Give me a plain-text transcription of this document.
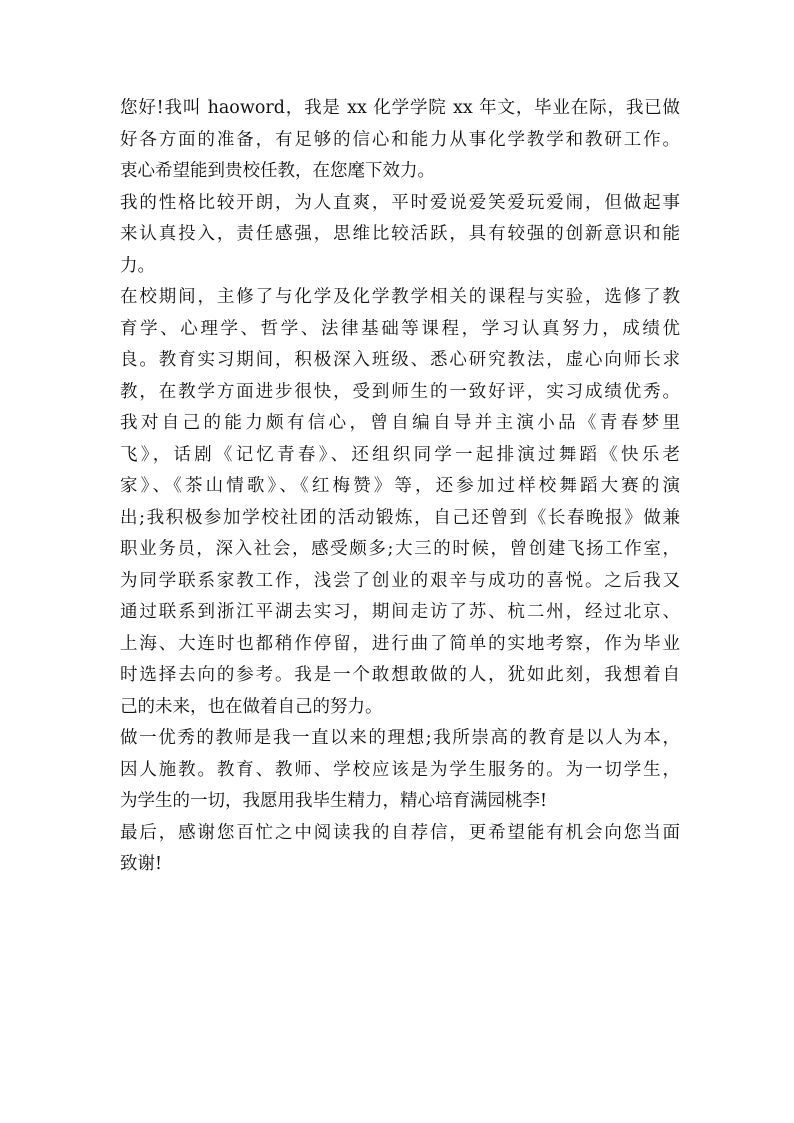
您好!我叫 haoword，我是 xx 化学学院 xx 年文，毕业在际，我已做

好各方面的准备，有足够的信心和能力从事化学教学和教研工作。

衷心希望能到贵校任教，在您麾下效力。

我的性格比较开朗，为人直爽，平时爱说爱笑爱玩爱闹，但做起事

来认真投入，责任感强，思维比较活跃，具有较强的创新意识和能

力。

在校期间，主修了与化学及化学教学相关的课程与实验，选修了教

育学、心理学、哲学、法律基础等课程，学习认真努力，成绩优

良。教育实习期间，积极深入班级、悉心研究教法，虚心向师长求

教，在教学方面进步很快，受到师生的一致好评，实习成绩优秀。

我对自己的能力颇有信心，曾自编自导并主演小品《青春梦里

飞》，话剧《记忆青春》、还组织同学一起排演过舞蹈《快乐老

家》、《茶山情歌》、《红梅赞》等，还参加过样校舞蹈大赛的演

出;我积极参加学校社团的活动锻炼，自己还曾到《长春晚报》做兼

职业务员，深入社会，感受颇多;大三的时候，曾创建飞扬工作室，

为同学联系家教工作，浅尝了创业的艰辛与成功的喜悦。之后我又

通过联系到浙江平湖去实习，期间走访了苏、杭二州，经过北京、

上海、大连时也都稍作停留，进行曲了简单的实地考察，作为毕业

时选择去向的参考。我是一个敢想敢做的人，犹如此刻，我想着自

己的未来，也在做着自己的努力。

做一优秀的教师是我一直以来的理想;我所崇高的教育是以人为本，

因人施教。教育、教师、学校应该是为学生服务的。为一切学生，

为学生的一切，我愿用我毕生精力，精心培育满园桃李!

最后，感谢您百忙之中阅读我的自荐信，更希望能有机会向您当面

致谢!
